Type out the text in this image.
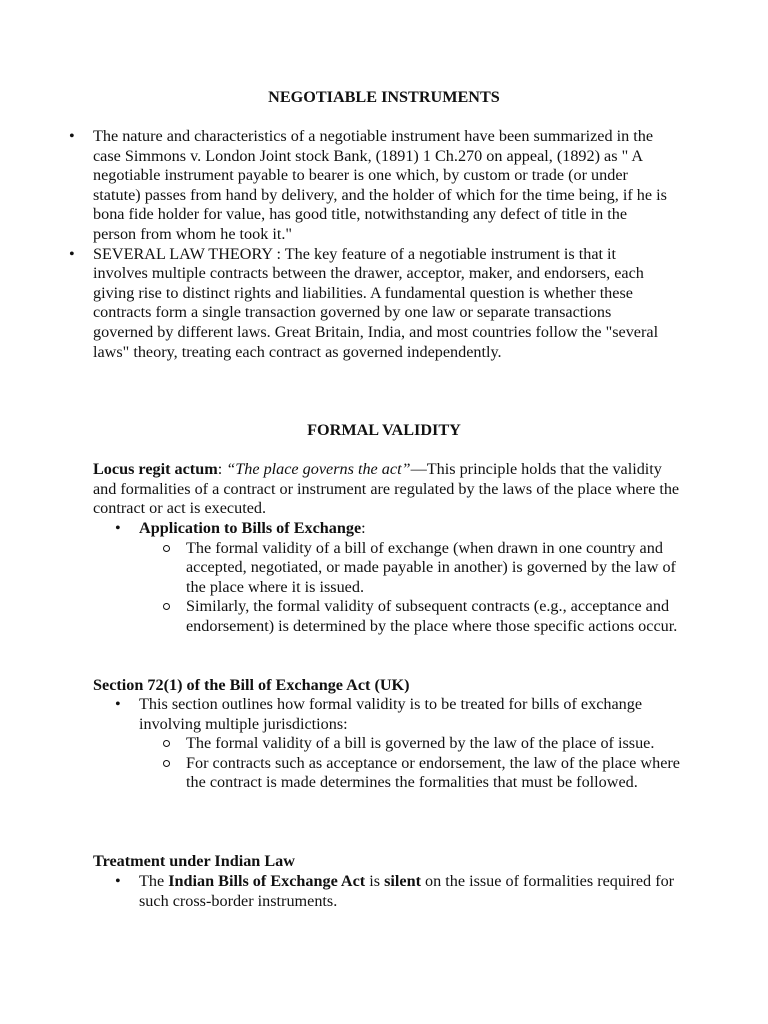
NEGOTIABLE INSTRUMENTS
• The nature and characteristics of a negotiable instrument have been summarized in the case Simmons v. London Joint stock Bank, (1891) 1 Ch.270 on appeal, (1892) as " A negotiable instrument payable to bearer is one which, by custom or trade (or under statute) passes from hand by delivery, and the holder of which for the time being, if he is bona fide holder for value, has good title, notwithstanding any defect of title in the person from whom he took it."
• SEVERAL LAW THEORY : The key feature of a negotiable instrument is that it involves multiple contracts between the drawer, acceptor, maker, and endorsers, each giving rise to distinct rights and liabilities. A fundamental question is whether these contracts form a single transaction governed by one law or separate transactions governed by different laws. Great Britain, India, and most countries follow the "several laws" theory, treating each contract as governed independently.
FORMAL VALIDITY

Locus regit actum: “The place governs the act”—This principle holds that the validity and formalities of a contract or instrument are regulated by the laws of the place where the contract or act is executed.

• Application to Bills of Exchange:
The formal validity of a bill of exchange (when drawn in one country and accepted, negotiated, or made payable in another) is governed by the law of the place where it is issued.
Similarly, the formal validity of subsequent contracts (e.g., acceptance and endorsement) is determined by the place where those specific actions occur.

Section 72(1) of the Bill of Exchange Act (UK)

• This section outlines how formal validity is to be treated for bills of exchange involving multiple jurisdictions:
The formal validity of a bill is governed by the law of the place of issue.
For contracts such as acceptance or endorsement, the law of the place where the contract is made determines the formalities that must be followed.

Treatment under Indian Law

• The Indian Bills of Exchange Act is silent on the issue of formalities required for such cross-border instruments.
